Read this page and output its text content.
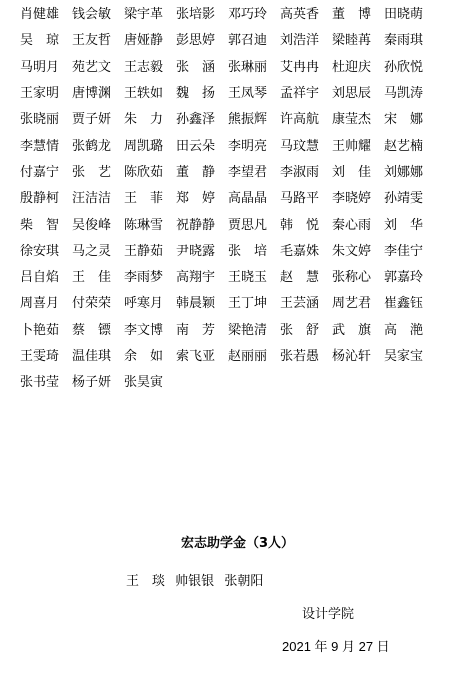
肖健雄 钱会敏 梁宇革 张培影 邓巧玲 高英香 董　博 田晓萌
吴　琼 王友哲 唐娅静 彭思婷 郭召迪 刘浩洋 梁睦苒 秦雨琪
马明月 苑艺文 王志毅 张　涵 张琳丽 艾冉冉 杜迎庆 孙欣悦
王家明 唐博渊 王轶如 魏　扬 王凤琴 孟祥宇 刘思辰 马凯涛
张晓丽 贾子妍 朱　力 孙鑫泽 熊振辉 许高航 康莹杰 宋　娜
李慧情 张鹤龙 周凯璐 田云朵 李明亮 马玟慧 王帅耀 赵艺楠
付嘉宁 张　艺 陈欣茹 董　静 李望君 李淑雨 刘　佳 刘娜娜
殷静柯 汪洁洁 王　菲 郑　婷 高晶晶 马路平 李晓婷 孙靖雯
柴　智 吴俊峰 陈琳雪 祝静静 贾思凡 韩　悦 秦心雨 刘　华
徐安琪 马之灵 王静茹 尹晓露 张　培 毛嘉姝 朱文婷 李佳宁
吕自焰 王　佳 李雨梦 高翔宇 王晓玉 赵　慧 张称心 郭嘉玲
周喜月 付荣荣 呼寒月 韩晨颖 王丁坤 王芸涵 周艺君 崔鑫钰
卜艳茹 蔡　镖 李文博 南　芳 梁艳清 张　舒 武　旗 高　滟
王雯琦 温佳琪 余　如 索飞亚 赵丽丽 张若愚 杨沁轩 吴家宝
张书莹 杨子妍 张昊寅
宏志助学金（3人）
王　琰 帅银银 张朝阳
设计学院
2021 年 9 月 27 日
